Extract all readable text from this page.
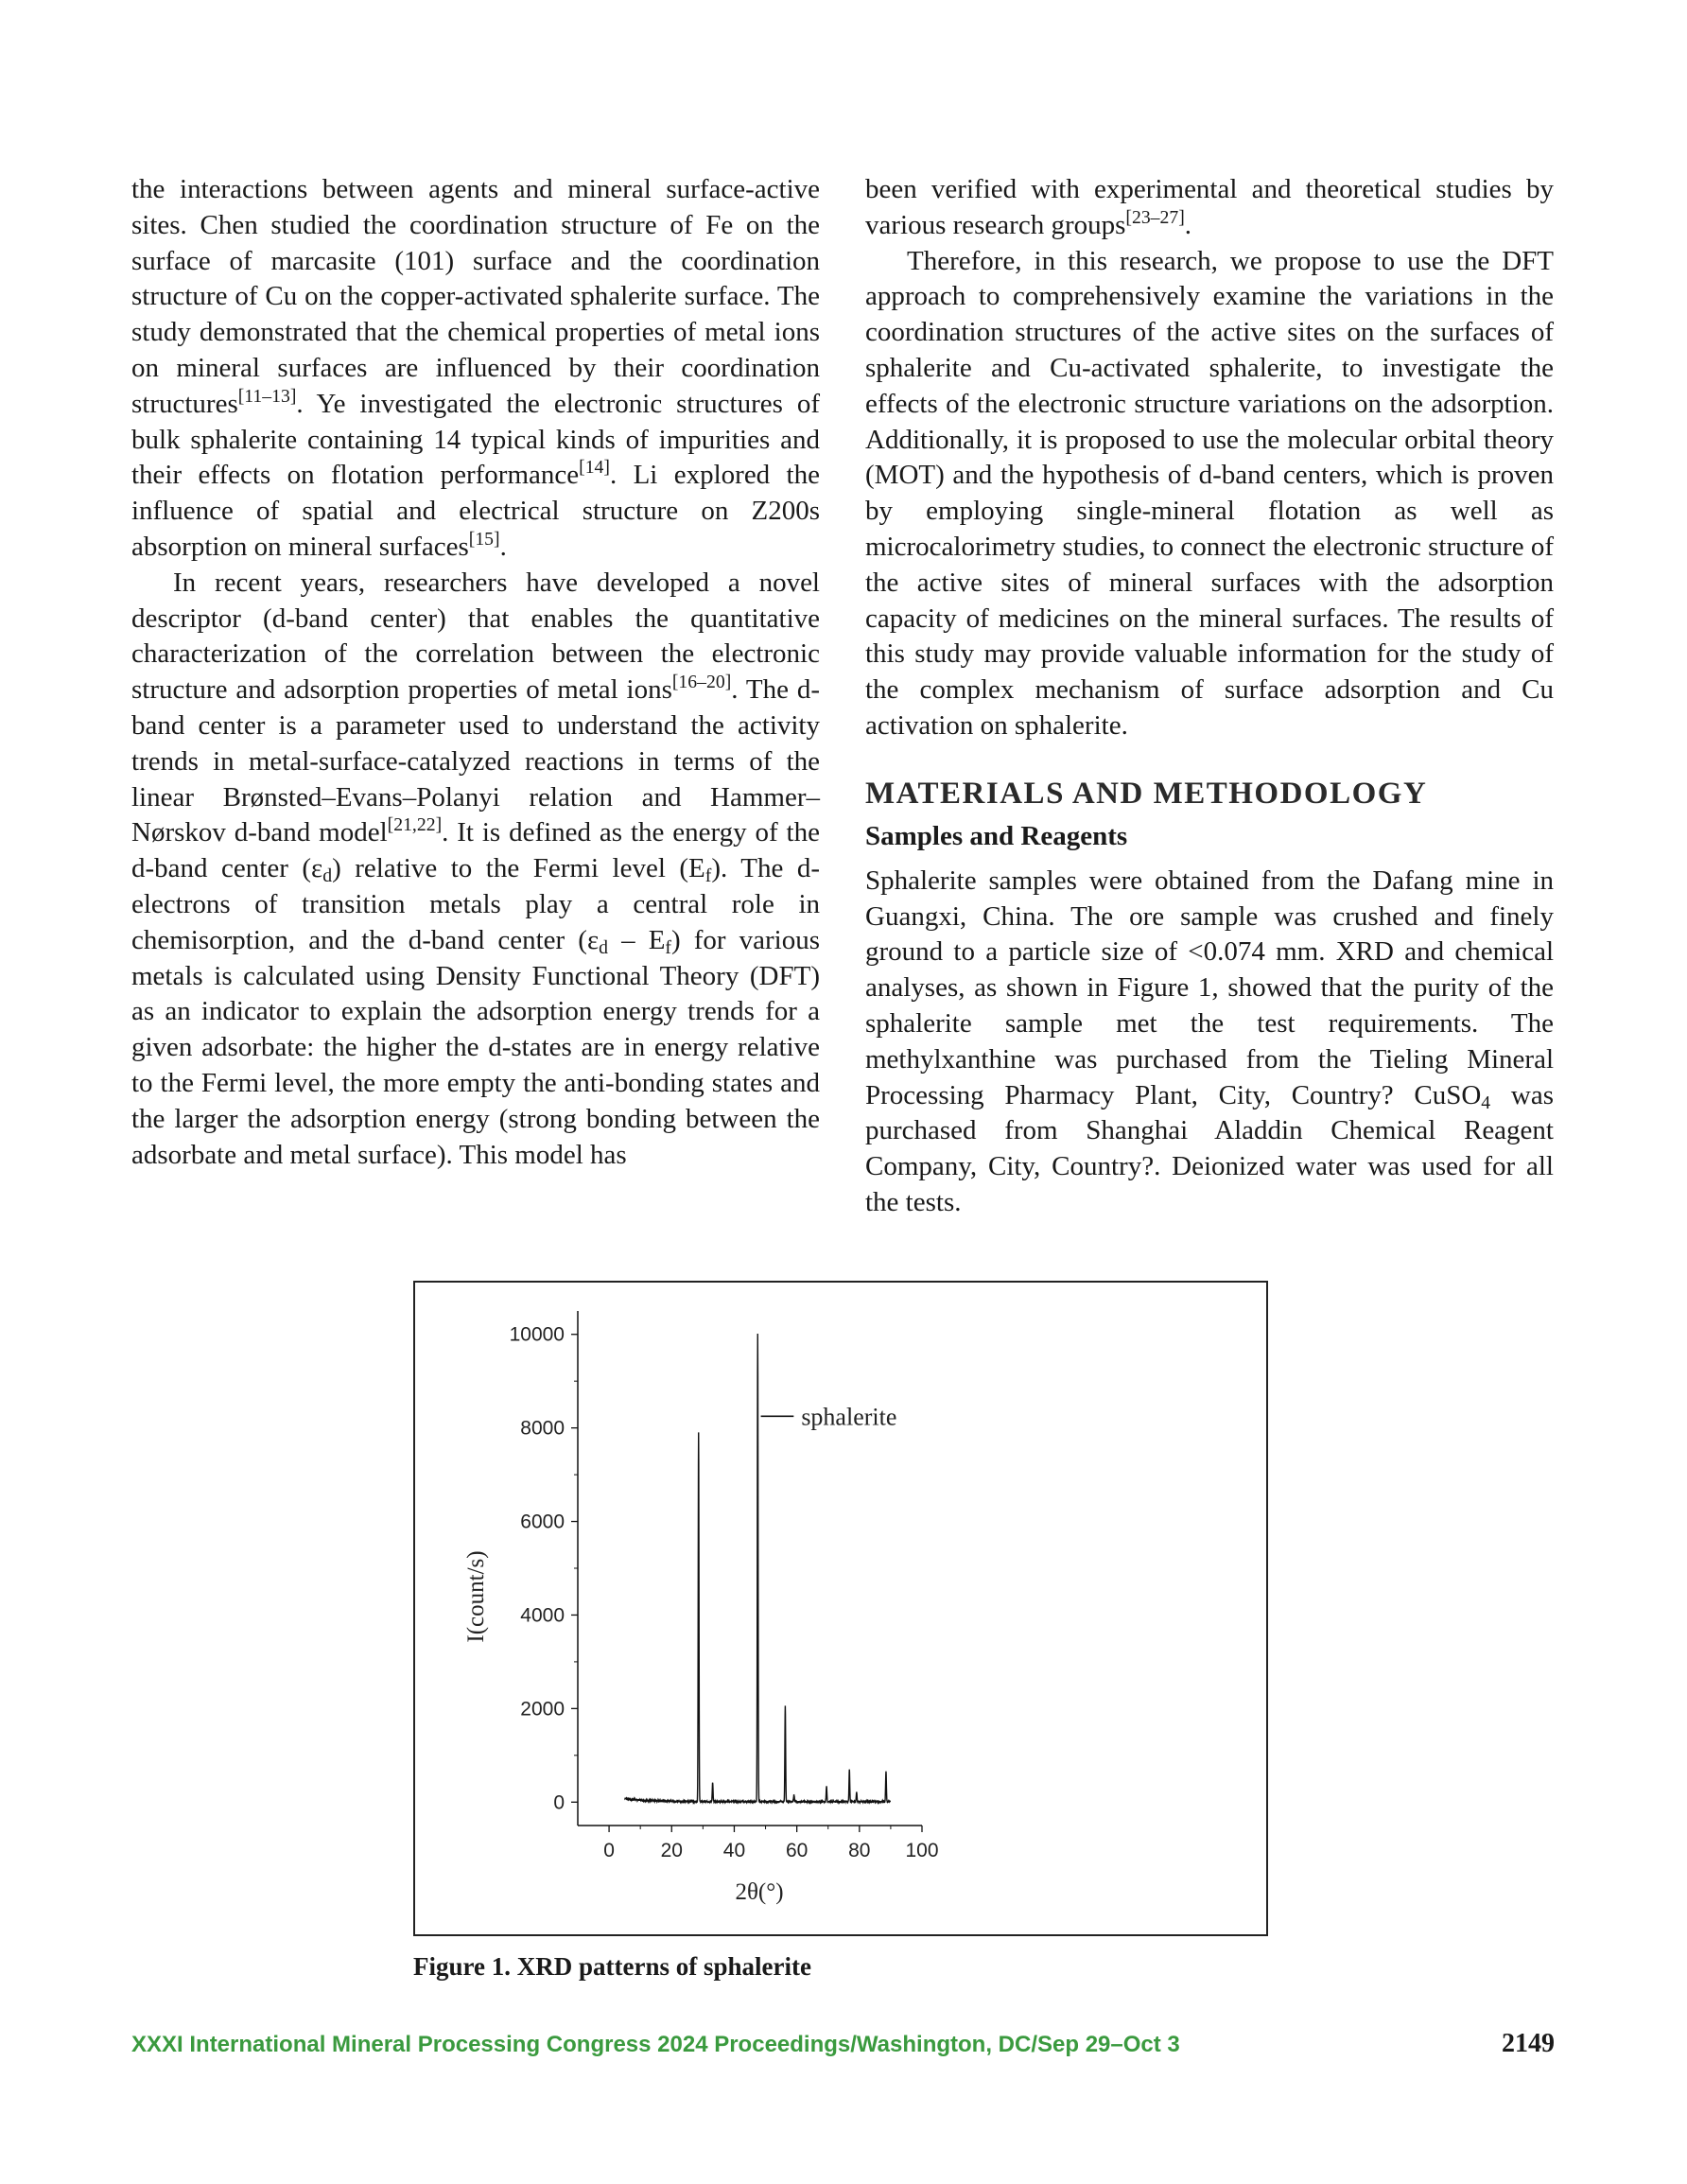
the interactions between agents and mineral surface-active sites. Chen studied the coordination structure of Fe on the surface of marcasite (101) surface and the coordination structure of Cu on the copper-activated sphalerite surface. The study demonstrated that the chemical properties of metal ions on mineral surfaces are influenced by their coordination structures[11–13]. Ye investigated the electronic structures of bulk sphalerite containing 14 typical kinds of impurities and their effects on flotation performance[14]. Li explored the influence of spatial and electrical structure on Z200s absorption on mineral surfaces[15].

In recent years, researchers have developed a novel descriptor (d-band center) that enables the quantitative characterization of the correlation between the electronic structure and adsorption properties of metal ions[16–20]. The d-band center is a parameter used to understand the activity trends in metal-surface-catalyzed reactions in terms of the linear Brønsted–Evans–Polanyi relation and Hammer–Nørskov d-band model[21,22]. It is defined as the energy of the d-band center $(\varepsilon_d)$ relative to the Fermi level $(E_f)$. The d-electrons of transition metals play a central role in chemisorption, and the d-band center $(\varepsilon_d - E_f)$ for various metals is calculated using Density Functional Theory (DFT) as an indicator to explain the adsorption energy trends for a given adsorbate: the higher the d-states are in energy relative to the Fermi level, the more empty the anti-bonding states and the larger the adsorption energy (strong bonding between the adsorbate and metal surface). This model has

been verified with experimental and theoretical studies by various research groups[23–27].

Therefore, in this research, we propose to use the DFT approach to comprehensively examine the variations in the coordination structures of the active sites on the surfaces of sphalerite and Cu-activated sphalerite, to investigate the effects of the electronic structure variations on the adsorption. Additionally, it is proposed to use the molecular orbital theory (MOT) and the hypothesis of d-band centers, which is proven by employing single-mineral flotation as well as microcalorimetry studies, to connect the electronic structure of the active sites of mineral surfaces with the adsorption capacity of medicines on the mineral surfaces. The results of this study may provide valuable information for the study of the complex mechanism of surface adsorption and Cu activation on sphalerite.

MATERIALS AND METHODOLOGY
Samples and Reagents

Sphalerite samples were obtained from the Dafang mine in Guangxi, China. The ore sample was crushed and finely ground to a particle size of <0.074 mm. XRD and chemical analyses, as shown in Figure 1, showed that the purity of the sphalerite sample met the test requirements. The methylxanthine was purchased from the Tieling Mineral Processing Pharmacy Plant, City, Country? CuSO$_4$ was purchased from Shanghai Aladdin Chemical Reagent Company, City, Country?. Deionized water was used for all the tests.

0
2000
4000
6000
8000
10000
0 20 40 60 80 100
2θ(°)
I(count/s)
sphalerite
Figure 1. XRD patterns of sphalerite
XXXI International Mineral Processing Congress 2024 Proceedings/Washington, DC/Sep 29–Oct 3	2149
